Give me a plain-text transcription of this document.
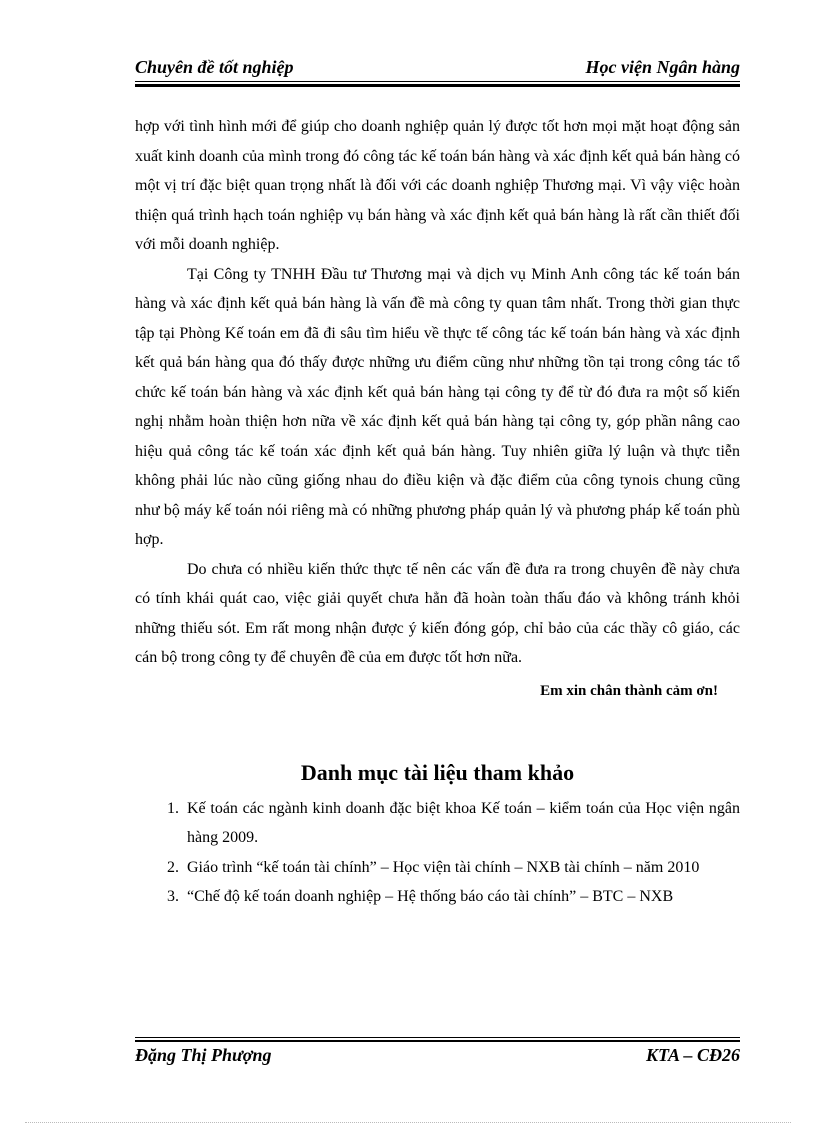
Chuyên đề tốt nghiệp	Học viện Ngân hàng

hợp với tình hình mới để giúp cho doanh nghiệp quản lý được tốt hơn mọi mặt hoạt động sản xuất kinh doanh của mình trong đó công tác kế toán bán hàng và xác định kết quả bán hàng có một vị trí đặc biệt quan trọng nhất là đối với các doanh nghiệp Thương mại. Vì vậy việc hoàn thiện quá trình hạch toán nghiệp vụ bán hàng và xác định kết quả bán hàng là rất cần thiết đối với mỗi doanh nghiệp.

Tại Công ty TNHH Đầu tư Thương mại và dịch vụ Minh Anh công tác kế toán bán hàng và xác định kết quả bán hàng là vấn đề mà công ty quan tâm nhất. Trong thời gian thực tập tại Phòng Kế toán em đã đi sâu tìm hiểu về thực tế công tác kế toán bán hàng và xác định kết quả bán hàng qua đó thấy được những ưu điểm cũng như những tồn tại trong công tác tổ chức kế toán bán hàng và xác định kết quả bán hàng tại công ty để từ đó đưa ra một số kiến nghị nhằm hoàn thiện hơn nữa về xác định kết quả bán hàng tại công ty, góp phần nâng cao hiệu quả công tác kế toán xác định kết quả bán hàng. Tuy nhiên giữa lý luận và thực tiễn không phải lúc nào cũng giống nhau do điều kiện và đặc điểm của công tynois chung cũng như bộ máy kế toán nói riêng mà có những phương pháp quản lý và phương pháp kế toán phù hợp.

Do chưa có nhiều kiến thức thực tế nên các vấn đề đưa ra trong chuyên đề này chưa có tính khái quát cao, việc giải quyết chưa hẳn đã hoàn toàn thấu đáo và không tránh khỏi những thiếu sót. Em rất mong nhận được ý kiến đóng góp, chỉ bảo của các thầy cô giáo, các cán bộ trong công ty để chuyên đề của em được tốt hơn nữa.

Em xin chân thành cảm ơn!

Danh mục tài liệu tham khảo

1. Kế toán các ngành kinh doanh đặc biệt khoa Kế toán – kiểm toán của Học viện ngân hàng 2009.
2. Giáo trình “kế toán tài chính” – Học viện tài chính – NXB tài chính – năm 2010
3. “Chế độ kế toán doanh nghiệp – Hệ thống báo cáo tài chính” – BTC – NXB
Đặng Thị Phượng	KTA – CĐ26
